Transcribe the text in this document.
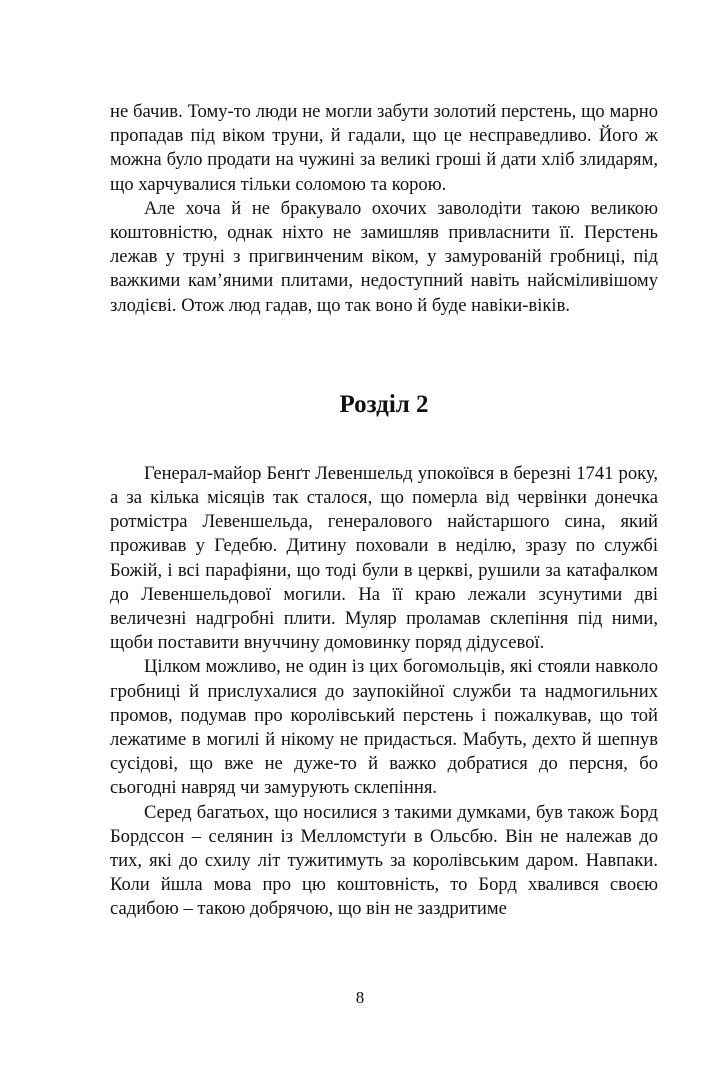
не бачив. Тому-то люди не могли забути золотий перстень, що марно пропадав під віком труни, й гадали, що це несправедливо. Його ж можна було продати на чужині за великі гроші й дати хліб злидарям, що харчувалися тільки соломою та корою.

Але хоча й не бракувало охочих заволодіти такою великою коштовністю, однак ніхто не замишляв привласнити її. Перстень лежав у труні з пригвинченим віком, у замурованій гробниці, під важкими кам’яними плитами, недоступний навіть найсміливішому злодієві. Отож люд гадав, що так воно й буде навіки-віків.

Розділ 2

Генерал-майор Бенґт Левеншельд упокоївся в березні 1741 року, а за кілька місяців так сталося, що померла від червінки донечка ротмістра Левеншельда, генералового найстаршого сина, який проживав у Гедебю. Дитину поховали в неділю, зразу по службі Божій, і всі парафіяни, що тоді були в церкві, рушили за катафалком до Левеншельдової могили. На її краю лежали зсунутими дві величезні надгробні плити. Муляр проламав склепіння під ними, щоби поставити внуччину домовинку поряд дідусевої.

Цілком можливо, не один із цих богомольців, які стояли навколо гробниці й прислухалися до заупокійної служби та надмогильних промов, подумав про королівський перстень і пожалкував, що той лежатиме в могилі й нікому не придасться. Мабуть, дехто й шепнув сусідові, що вже не дуже-то й важко добратися до персня, бо сьогодні навряд чи замурують склепіння.

Серед багатьох, що носилися з такими думками, був також Борд Бордссон – селянин із Мелломстуґи в Ольсбю. Він не належав до тих, які до схилу літ тужитимуть за королівським даром. Навпаки. Коли йшла мова про цю коштовність, то Борд хвалився своєю садибою – такою добрячою, що він не заздритиме

8
